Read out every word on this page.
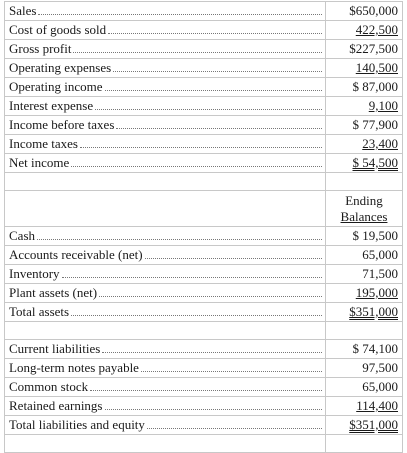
Sales	$650,000

Cost of goods sold	422,500

Gross profit	$227,500

Operating expenses	140,500

Operating income	$ 87,000

Interest expense	9,100

Income before taxes	$ 77,900

Income taxes	23,400

Net income	$ 54,500

	Ending
Balances

Cash	$ 19,500

Accounts receivable (net)	65,000

Inventory	71,500

Plant assets (net)	195,000

Total assets	$351,000

Current liabilities	$ 74,100

Long-term notes payable	97,500

Common stock	65,000

Retained earnings	114,400

Total liabilities and equity	$351,000
